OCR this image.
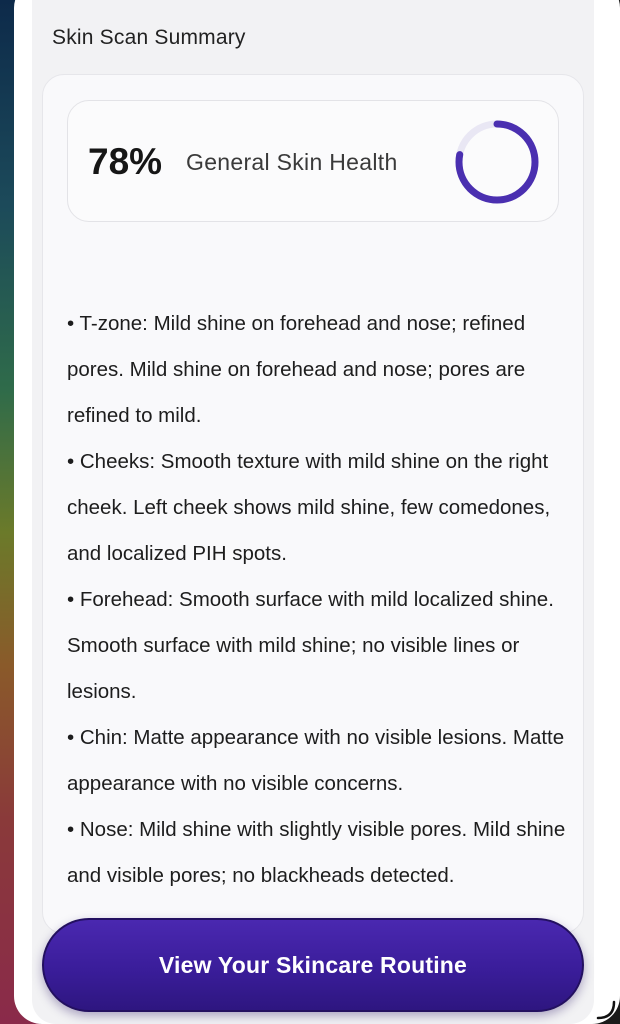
Skin Scan Summary
78% General Skin Health

• T-zone: Mild shine on forehead and nose; refined pores. Mild shine on forehead and nose; pores are refined to mild.

• Cheeks: Smooth texture with mild shine on the right cheek. Left cheek shows mild shine, few comedones, and localized PIH spots.

• Forehead: Smooth surface with mild localized shine. Smooth surface with mild shine; no visible lines or lesions.

• Chin: Matte appearance with no visible lesions. Matte appearance with no visible concerns.

• Nose: Mild shine with slightly visible pores. Mild shine and visible pores; no blackheads detected.

View Your Skincare Routine
